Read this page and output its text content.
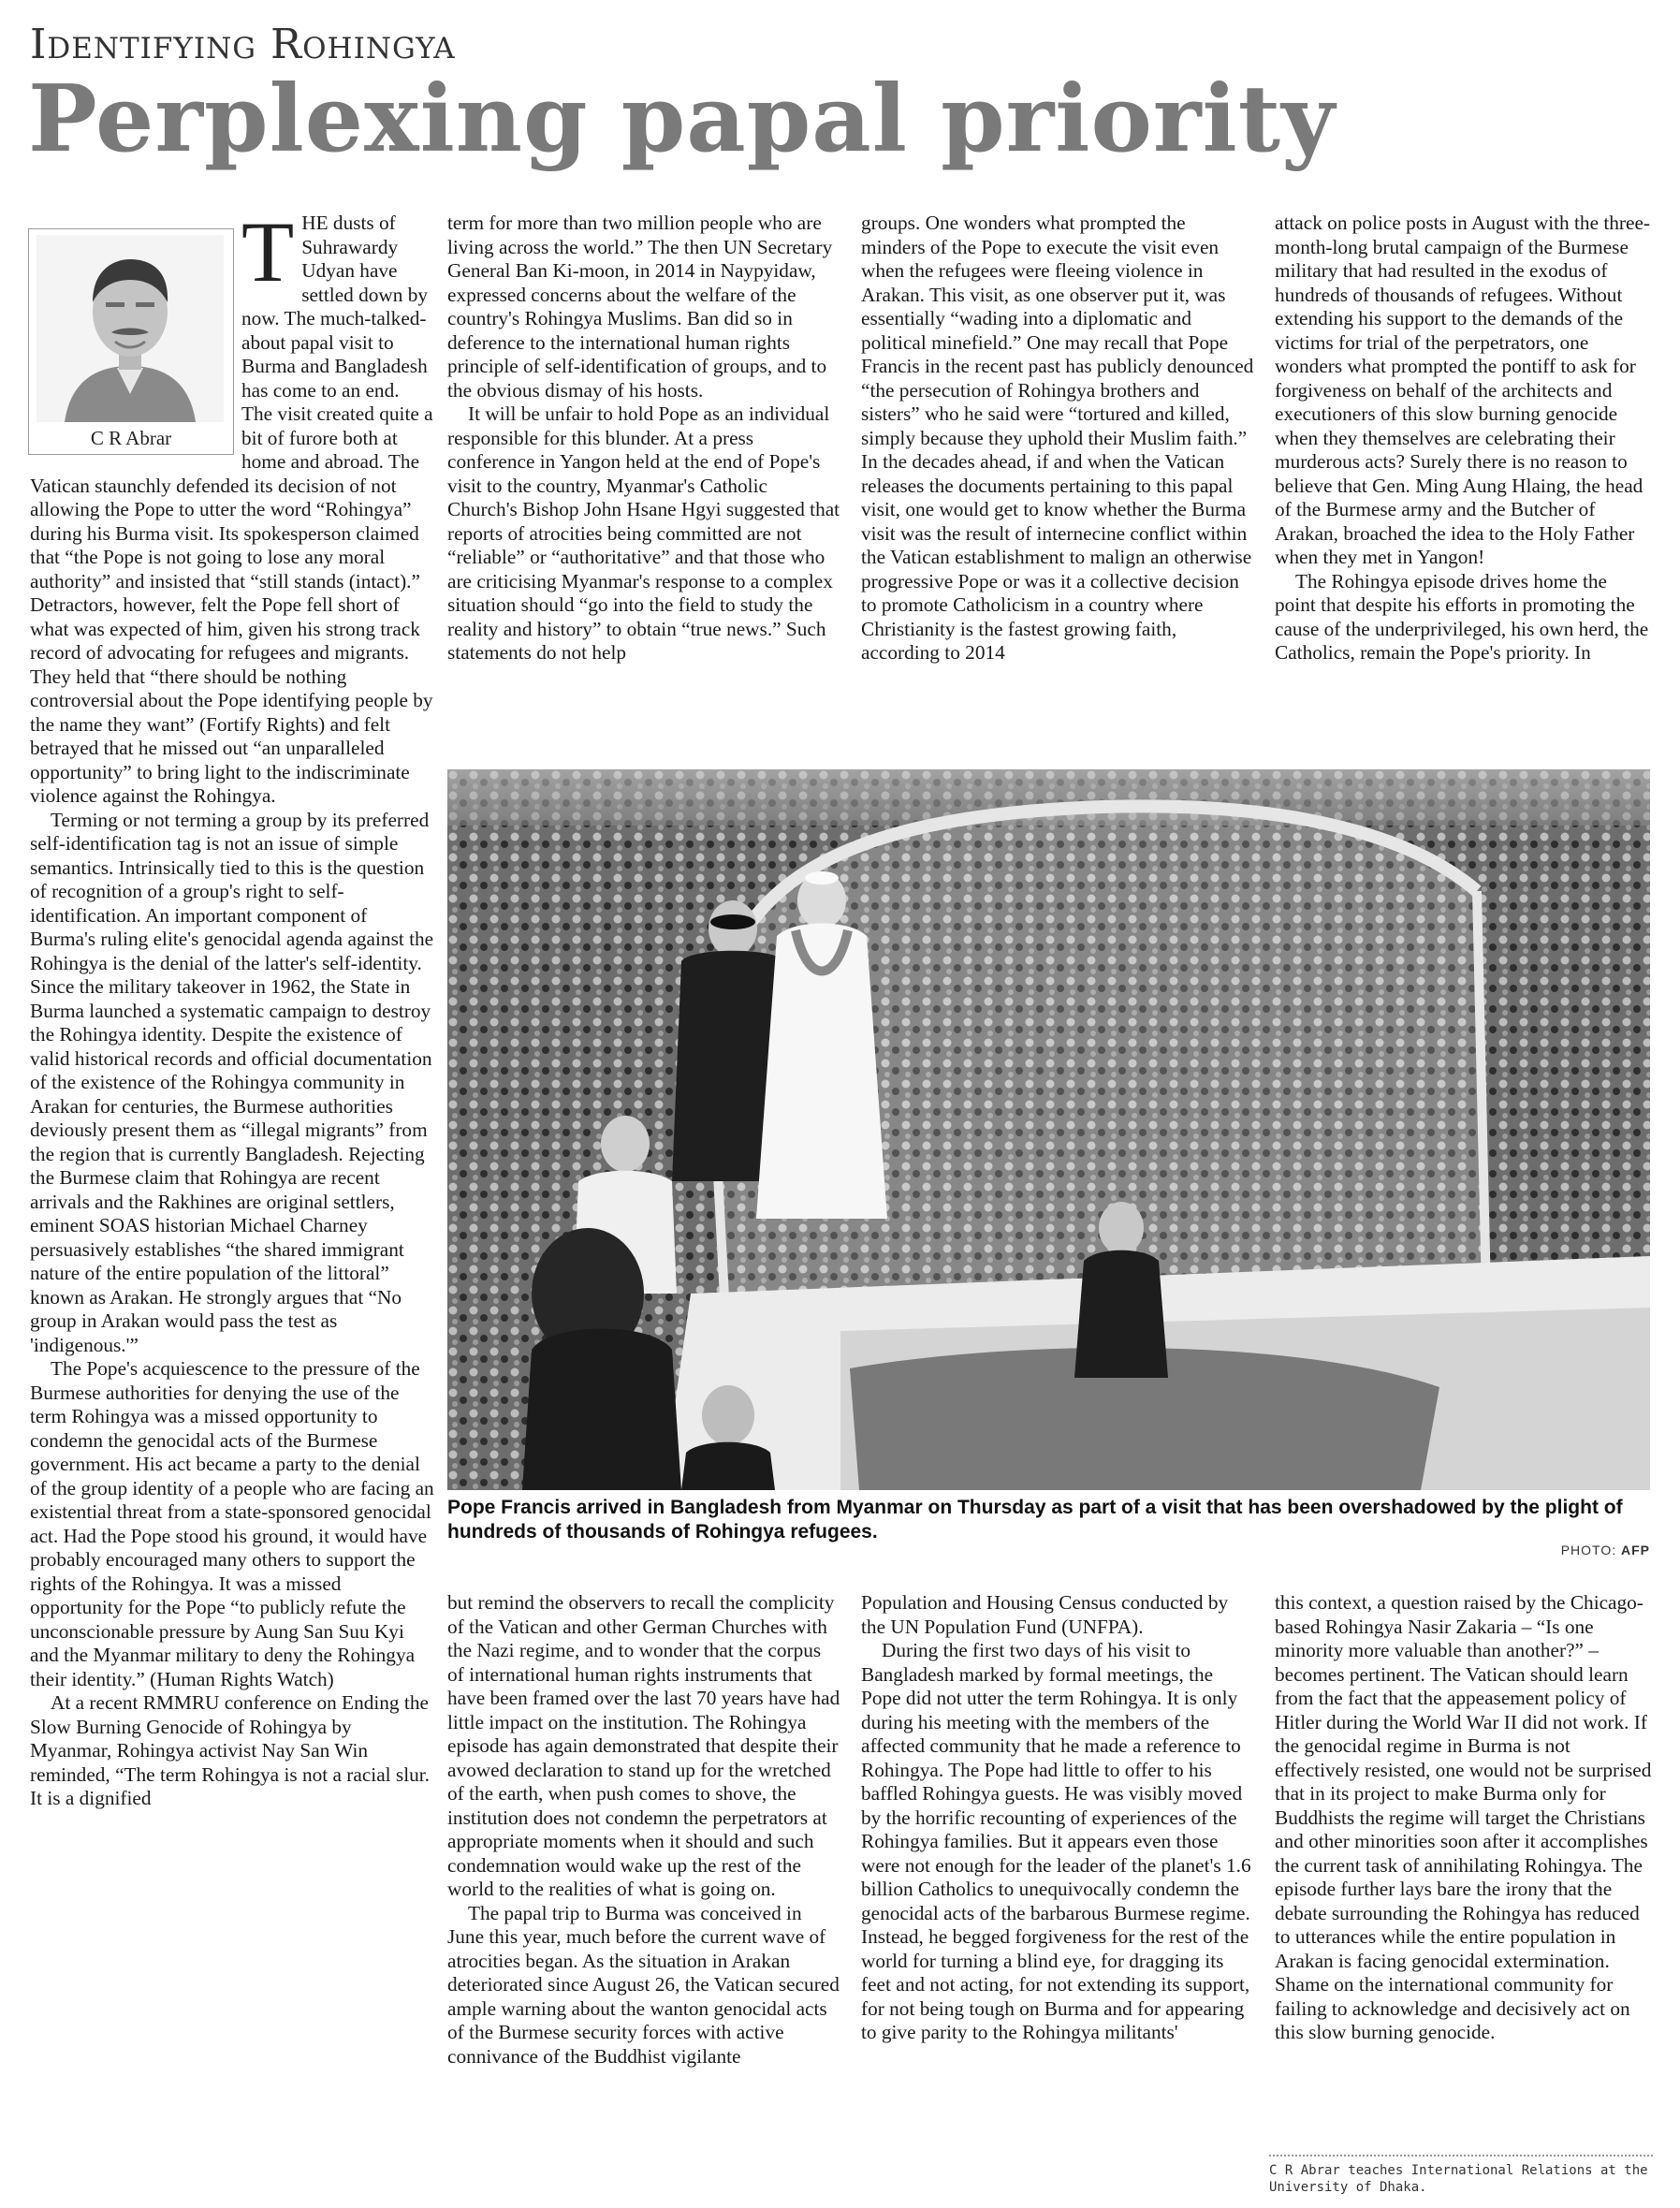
Identifying Rohingya
Perplexing papal priority
C R Abrar
T HE dusts of Suhrawardy Udyan have settled down by now. The much-talked-about papal visit to Burma and Bangladesh has come to an end. The visit created quite a bit of furore both at home and abroad. The Vatican staunchly defended its decision of not allowing the Pope to utter the word “Rohingya” during his Burma visit. Its spokesperson claimed that “the Pope is not going to lose any moral authority” and insisted that “still stands (intact).” Detractors, however, felt the Pope fell short of what was expected of him, given his strong track record of advocating for refugees and migrants. They held that “there should be nothing controversial about the Pope identifying people by the name they want” (Fortify Rights) and felt betrayed that he missed out “an unparalleled opportunity” to bring light to the indiscriminate violence against the Rohingya.

Terming or not terming a group by its preferred self-identification tag is not an issue of simple semantics. Intrinsically tied to this is the question of recognition of a group's right to self-identification. An important component of Burma's ruling elite's genocidal agenda against the Rohingya is the denial of the latter's self-identity. Since the military takeover in 1962, the State in Burma launched a systematic campaign to destroy the Rohingya identity. Despite the existence of valid historical records and official documentation of the existence of the Rohingya community in Arakan for centuries, the Burmese authorities deviously present them as “illegal migrants” from the region that is currently Bangladesh. Rejecting the Burmese claim that Rohingya are recent arrivals and the Rakhines are original settlers, eminent SOAS historian Michael Charney persuasively establishes “the shared immigrant nature of the entire population of the littoral” known as Arakan. He strongly argues that “No group in Arakan would pass the test as 'indigenous.'”

The Pope's acquiescence to the pressure of the Burmese authorities for denying the use of the term Rohingya was a missed opportunity to condemn the genocidal acts of the Burmese government. His act became a party to the denial of the group identity of a people who are facing an existential threat from a state-sponsored genocidal act. Had the Pope stood his ground, it would have probably encouraged many others to support the rights of the Rohingya. It was a missed opportunity for the Pope “to publicly refute the unconscionable pressure by Aung San Suu Kyi and the Myanmar military to deny the Rohingya their identity.” (Human Rights Watch)

At a recent RMMRU conference on Ending the Slow Burning Genocide of Rohingya by Myanmar, Rohingya activist Nay San Win reminded, “The term Rohingya is not a racial slur. It is a dignified

term for more than two million people who are living across the world.” The then UN Secretary General Ban Ki-moon, in 2014 in Naypyidaw, expressed concerns about the welfare of the country's Rohingya Muslims. Ban did so in deference to the international human rights principle of self-identification of groups, and to the obvious dismay of his hosts.

It will be unfair to hold Pope as an individual responsible for this blunder. At a press conference in Yangon held at the end of Pope's visit to the country, Myanmar's Catholic Church's Bishop John Hsane Hgyi suggested that reports of atrocities being committed are not “reliable” or “authoritative” and that those who are criticising Myanmar's response to a complex situation should “go into the field to study the reality and history” to obtain “true news.” Such statements do not help

groups. One wonders what prompted the minders of the Pope to execute the visit even when the refugees were fleeing violence in Arakan. This visit, as one observer put it, was essentially “wading into a diplomatic and political minefield.” One may recall that Pope Francis in the recent past has publicly denounced “the persecution of Rohingya brothers and sisters” who he said were “tortured and killed, simply because they uphold their Muslim faith.” In the decades ahead, if and when the Vatican releases the documents pertaining to this papal visit, one would get to know whether the Burma visit was the result of internecine conflict within the Vatican establishment to malign an otherwise progressive Pope or was it a collective decision to promote Catholicism in a country where Christianity is the fastest growing faith, according to 2014

attack on police posts in August with the three-month-long brutal campaign of the Burmese military that had resulted in the exodus of hundreds of thousands of refugees. Without extending his support to the demands of the victims for trial of the perpetrators, one wonders what prompted the pontiff to ask for forgiveness on behalf of the architects and executioners of this slow burning genocide when they themselves are celebrating their murderous acts? Surely there is no reason to believe that Gen. Ming Aung Hlaing, the head of the Burmese army and the Butcher of Arakan, broached the idea to the Holy Father when they met in Yangon!

The Rohingya episode drives home the point that despite his efforts in promoting the cause of the underprivileged, his own herd, the Catholics, remain the Pope's priority. In

Pope Francis arrived in Bangladesh from Myanmar on Thursday as part of a visit that has been overshadowed by the plight of hundreds of thousands of Rohingya refugees.
PHOTO: AFP

but remind the observers to recall the complicity of the Vatican and other German Churches with the Nazi regime, and to wonder that the corpus of international human rights instruments that have been framed over the last 70 years have had little impact on the institution. The Rohingya episode has again demonstrated that despite their avowed declaration to stand up for the wretched of the earth, when push comes to shove, the institution does not condemn the perpetrators at appropriate moments when it should and such condemnation would wake up the rest of the world to the realities of what is going on.

The papal trip to Burma was conceived in June this year, much before the current wave of atrocities began. As the situation in Arakan deteriorated since August 26, the Vatican secured ample warning about the wanton genocidal acts of the Burmese security forces with active connivance of the Buddhist vigilante

Population and Housing Census conducted by the UN Population Fund (UNFPA).

During the first two days of his visit to Bangladesh marked by formal meetings, the Pope did not utter the term Rohingya. It is only during his meeting with the members of the affected community that he made a reference to Rohingya. The Pope had little to offer to his baffled Rohingya guests. He was visibly moved by the horrific recounting of experiences of the Rohingya families. But it appears even those were not enough for the leader of the planet's 1.6 billion Catholics to unequivocally condemn the genocidal acts of the barbarous Burmese regime. Instead, he begged forgiveness for the rest of the world for turning a blind eye, for dragging its feet and not acting, for not extending its support, for not being tough on Burma and for appearing to give parity to the Rohingya militants'

this context, a question raised by the Chicago-based Rohingya Nasir Zakaria – “Is one minority more valuable than another?” – becomes pertinent. The Vatican should learn from the fact that the appeasement policy of Hitler during the World War II did not work. If the genocidal regime in Burma is not effectively resisted, one would not be surprised that in its project to make Burma only for Buddhists the regime will target the Christians and other minorities soon after it accomplishes the current task of annihilating Rohingya. The episode further lays bare the irony that the debate surrounding the Rohingya has reduced to utterances while the entire population in Arakan is facing genocidal extermination. Shame on the international community for failing to acknowledge and decisively act on this slow burning genocide.

C R Abrar teaches International Relations at the University of Dhaka.
